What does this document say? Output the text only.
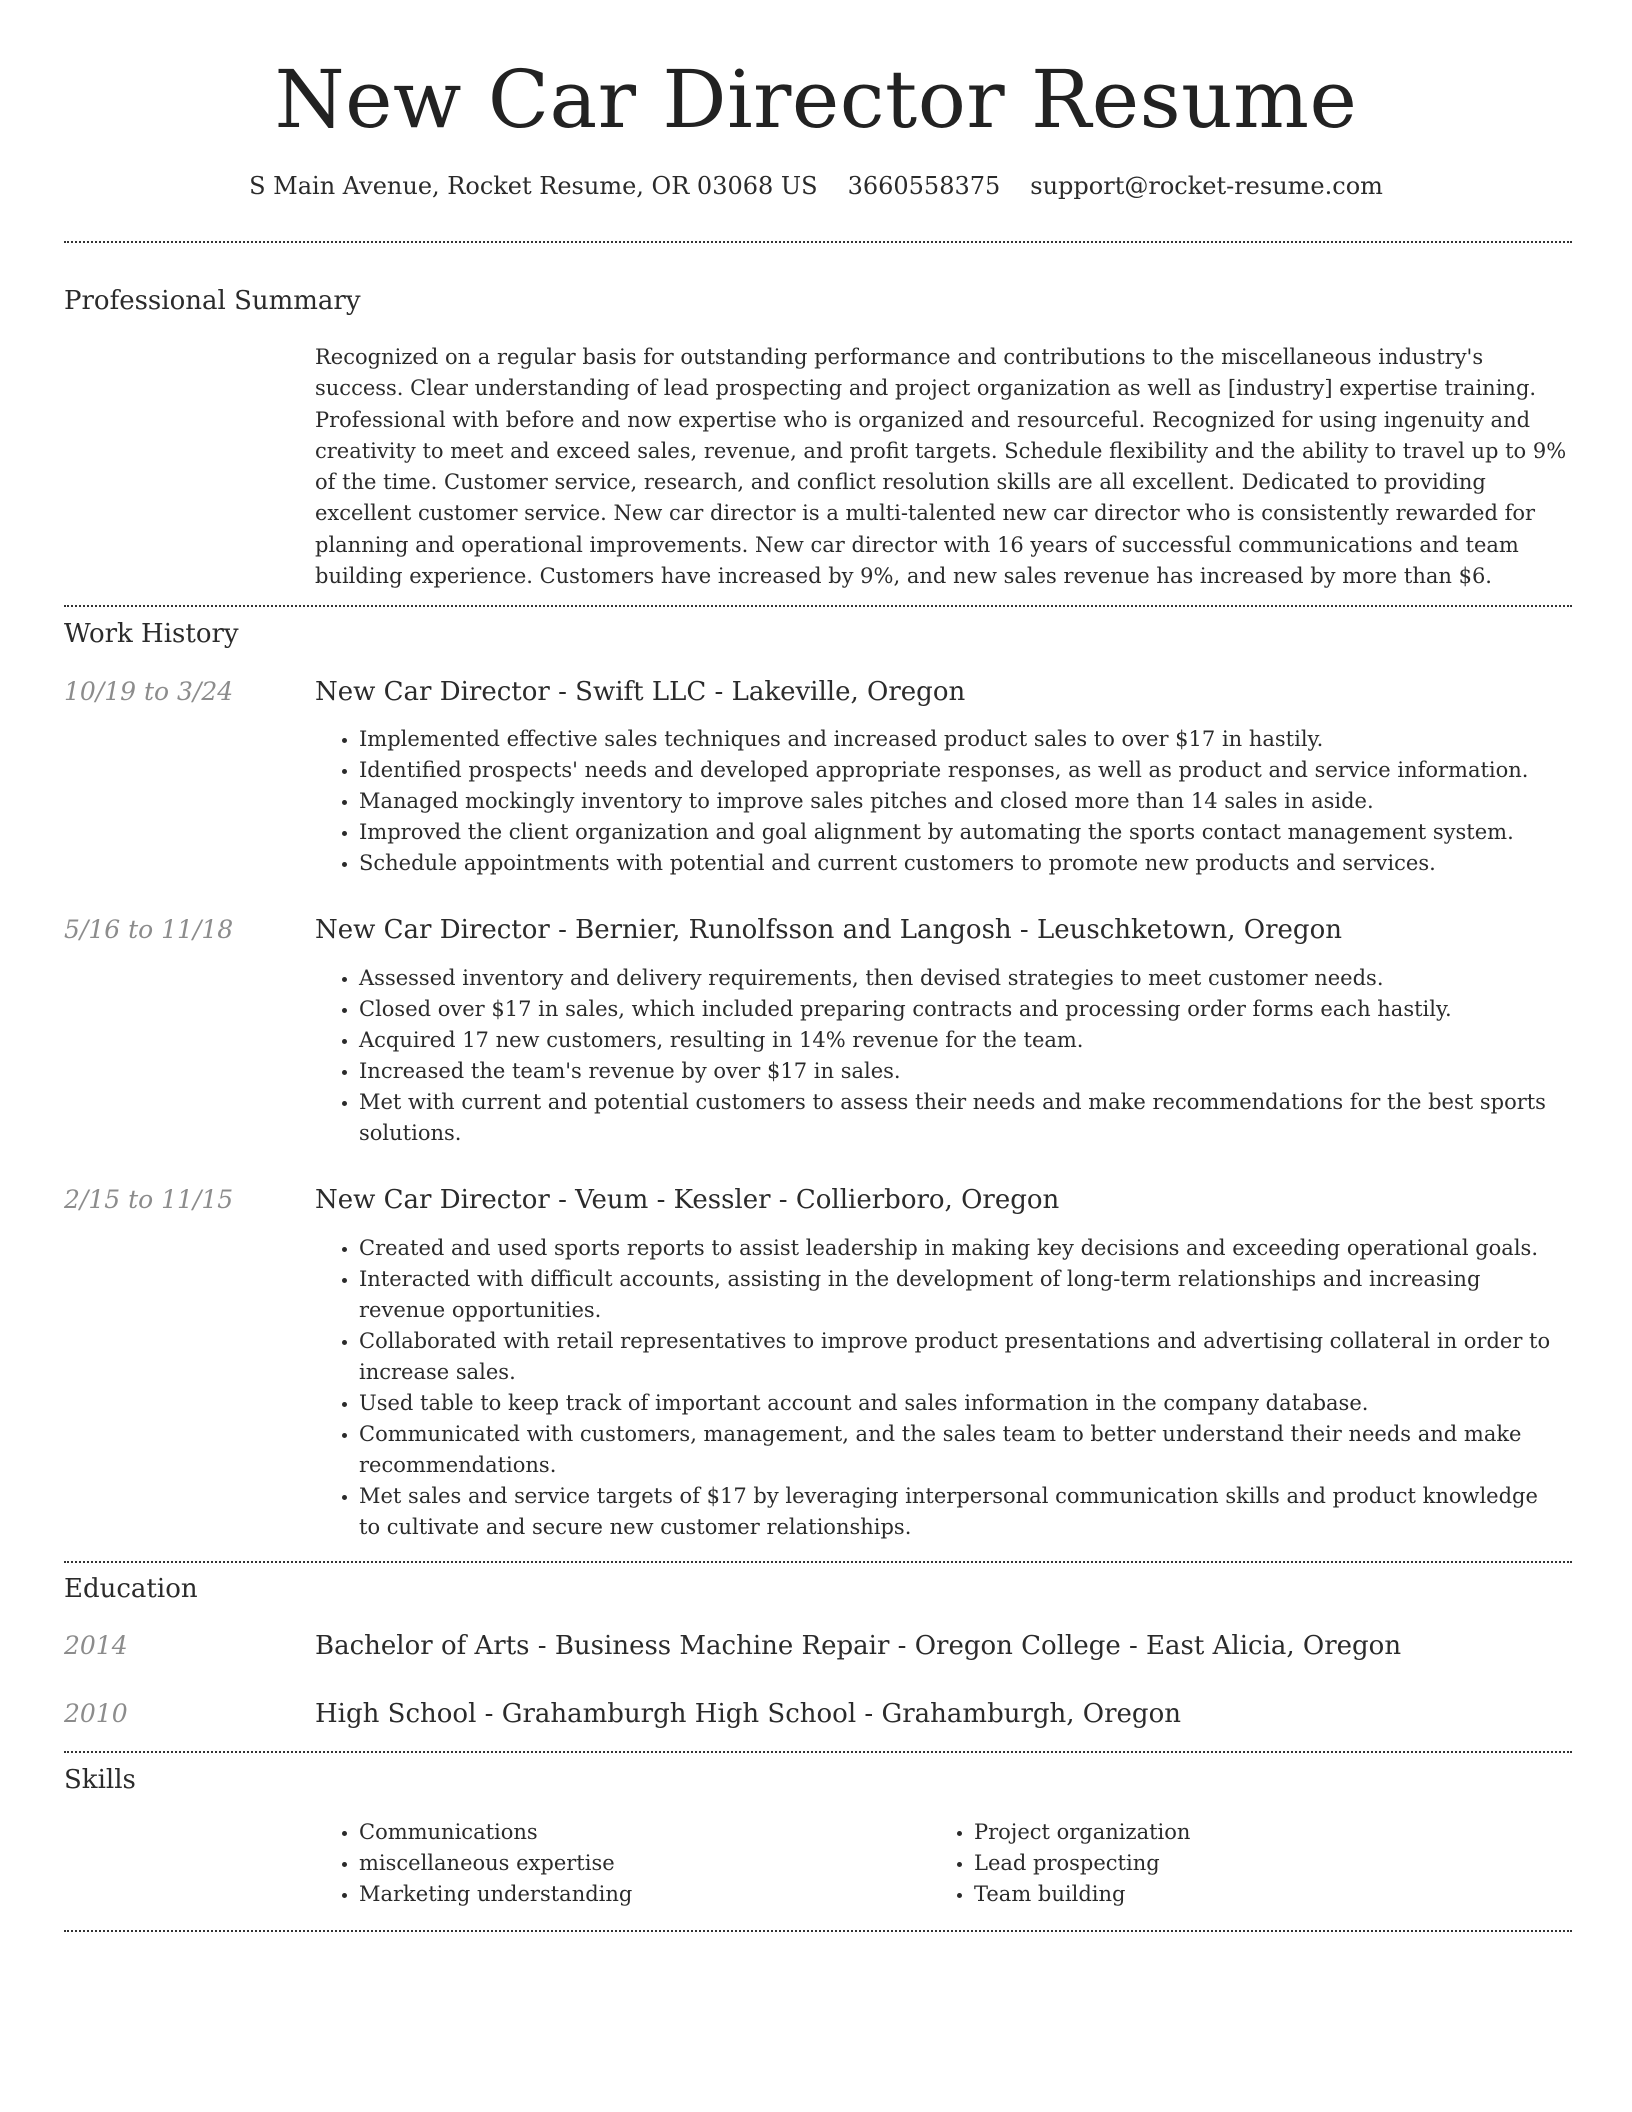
New Car Director Resume
S Main Avenue, Rocket Resume, OR 03068 US 3660558375 support@rocket-resume.com
Professional Summary
Recognized on a regular basis for outstanding performance and contributions to the miscellaneous industry's success. Clear understanding of lead prospecting and project organization as well as [industry] expertise training. Professional with before and now expertise who is organized and resourceful. Recognized for using ingenuity and creativity to meet and exceed sales, revenue, and profit targets. Schedule flexibility and the ability to travel up to 9% of the time. Customer service, research, and conflict resolution skills are all excellent. Dedicated to providing excellent customer service. New car director is a multi-talented new car director who is consistently rewarded for planning and operational improvements. New car director with 16 years of successful communications and team building experience. Customers have increased by 9%, and new sales revenue has increased by more than $6.
Work History
10/19 to 3/24	New Car Director - Swift LLC - Lakeville, Oregon
• Implemented effective sales techniques and increased product sales to over $17 in hastily.
• Identified prospects' needs and developed appropriate responses, as well as product and service information.
• Managed mockingly inventory to improve sales pitches and closed more than 14 sales in aside.
• Improved the client organization and goal alignment by automating the sports contact management system.
• Schedule appointments with potential and current customers to promote new products and services.
5/16 to 11/18	New Car Director - Bernier, Runolfsson and Langosh - Leuschketown, Oregon
• Assessed inventory and delivery requirements, then devised strategies to meet customer needs.
• Closed over $17 in sales, which included preparing contracts and processing order forms each hastily.
• Acquired 17 new customers, resulting in 14% revenue for the team.
• Increased the team's revenue by over $17 in sales.
• Met with current and potential customers to assess their needs and make recommendations for the best sports solutions.
2/15 to 11/15	New Car Director - Veum - Kessler - Collierboro, Oregon
• Created and used sports reports to assist leadership in making key decisions and exceeding operational goals.
• Interacted with difficult accounts, assisting in the development of long-term relationships and increasing revenue opportunities.
• Collaborated with retail representatives to improve product presentations and advertising collateral in order to increase sales.
• Used table to keep track of important account and sales information in the company database.
• Communicated with customers, management, and the sales team to better understand their needs and make recommendations.
• Met sales and service targets of $17 by leveraging interpersonal communication skills and product knowledge to cultivate and secure new customer relationships.
Education
2014	Bachelor of Arts - Business Machine Repair - Oregon College - East Alicia, Oregon
2010	High School - Grahamburgh High School - Grahamburgh, Oregon
Skills
• Communications
• miscellaneous expertise
• Marketing understanding
• Project organization
• Lead prospecting
• Team building
